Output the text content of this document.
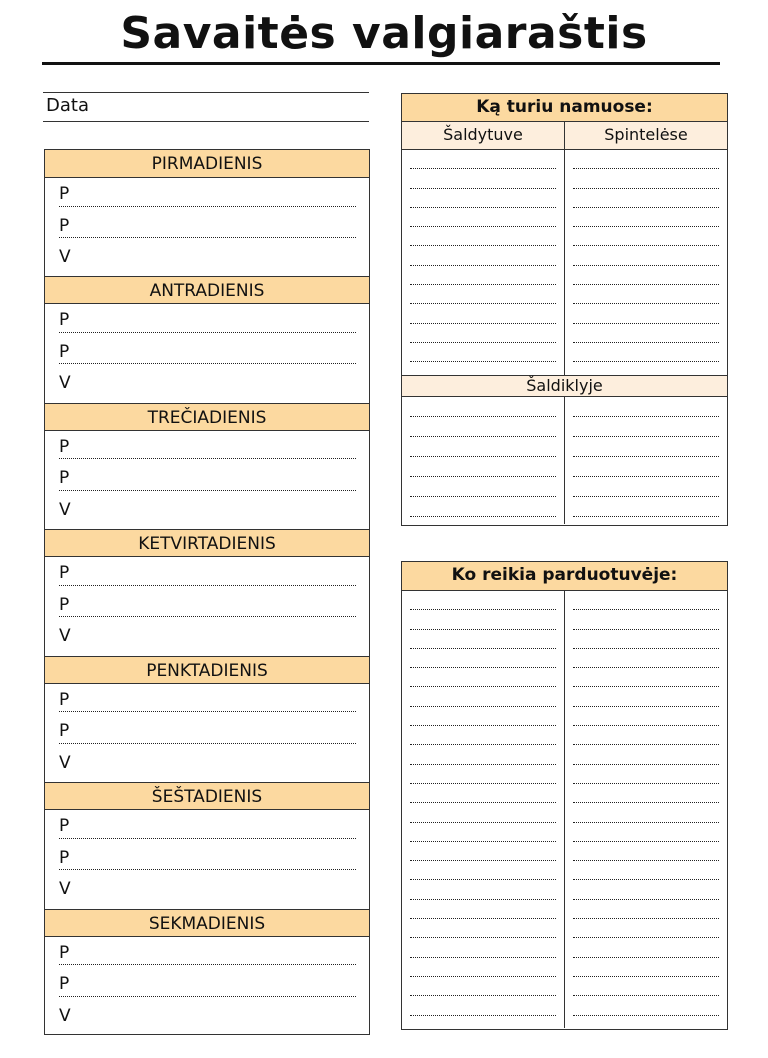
Savaitės valgiaraštis
Data
PIRMADIENIS
P
P
V
ANTRADIENIS
P
P
V
TREČIADIENIS
P
P
V
KETVIRTADIENIS
P
P
V
PENKTADIENIS
P
P
V
ŠEŠTADIENIS
P
P
V
SEKMADIENIS
P
P
V
Ką turiu namuose:
Šaldytuve	Spintelėse
Šaldiklyje
Ko reikia parduotuvėje:
